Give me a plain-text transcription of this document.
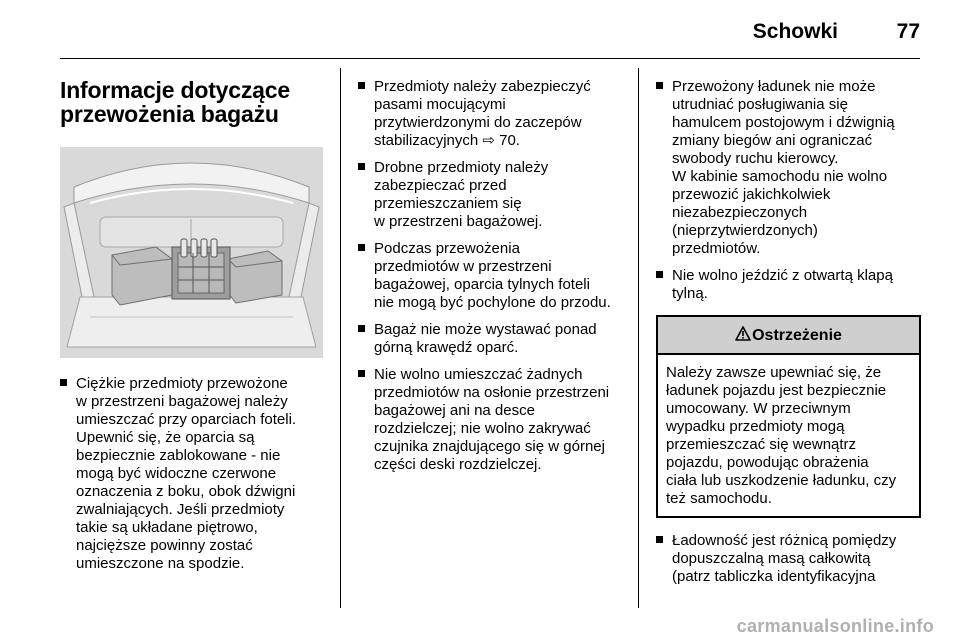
Schowki	77
Informacje dotyczące
przewożenia bagażu
Ciężkie przedmioty przewożone
w przestrzeni bagażowej należy
umieszczać przy oparciach foteli.
Upewnić się, że oparcia są
bezpiecznie zablokowane - nie
mogą być widoczne czerwone
oznaczenia z boku, obok dźwigni
zwalniających. Jeśli przedmioty
takie są układane piętrowo,
najcięższe powinny zostać
umieszczone na spodzie.
Przedmioty należy zabezpieczyć
pasami mocującymi
przytwierdzonymi do zaczepów
stabilizacyjnych ⇨ 70.
Drobne przedmioty należy
zabezpieczać przed
przemieszczaniem się
w przestrzeni bagażowej.
Podczas przewożenia
przedmiotów w przestrzeni
bagażowej, oparcia tylnych foteli
nie mogą być pochylone do przodu.
Bagaż nie może wystawać ponad
górną krawędź oparć.
Nie wolno umieszczać żadnych
przedmiotów na osłonie przestrzeni
bagażowej ani na desce
rozdzielczej; nie wolno zakrywać
czujnika znajdującego się w górnej
części deski rozdzielczej.
Przewożony ładunek nie może
utrudniać posługiwania się
hamulcem postojowym i dźwignią
zmiany biegów ani ograniczać
swobody ruchu kierowcy.
W kabinie samochodu nie wolno
przewozić jakichkolwiek
niezabezpieczonych
(nieprzytwierdzonych)
przedmiotów.
Nie wolno jeździć z otwartą klapą
tylną.
Ostrzeżenie
Należy zawsze upewniać się, że
ładunek pojazdu jest bezpiecznie
umocowany. W przeciwnym
wypadku przedmioty mogą
przemieszczać się wewnątrz
pojazdu, powodując obrażenia
ciała lub uszkodzenie ładunku, czy
też samochodu.
Ładowność jest różnicą pomiędzy
dopuszczalną masą całkowitą
(patrz tabliczka identyfikacyjna
carmanualsonline.info
